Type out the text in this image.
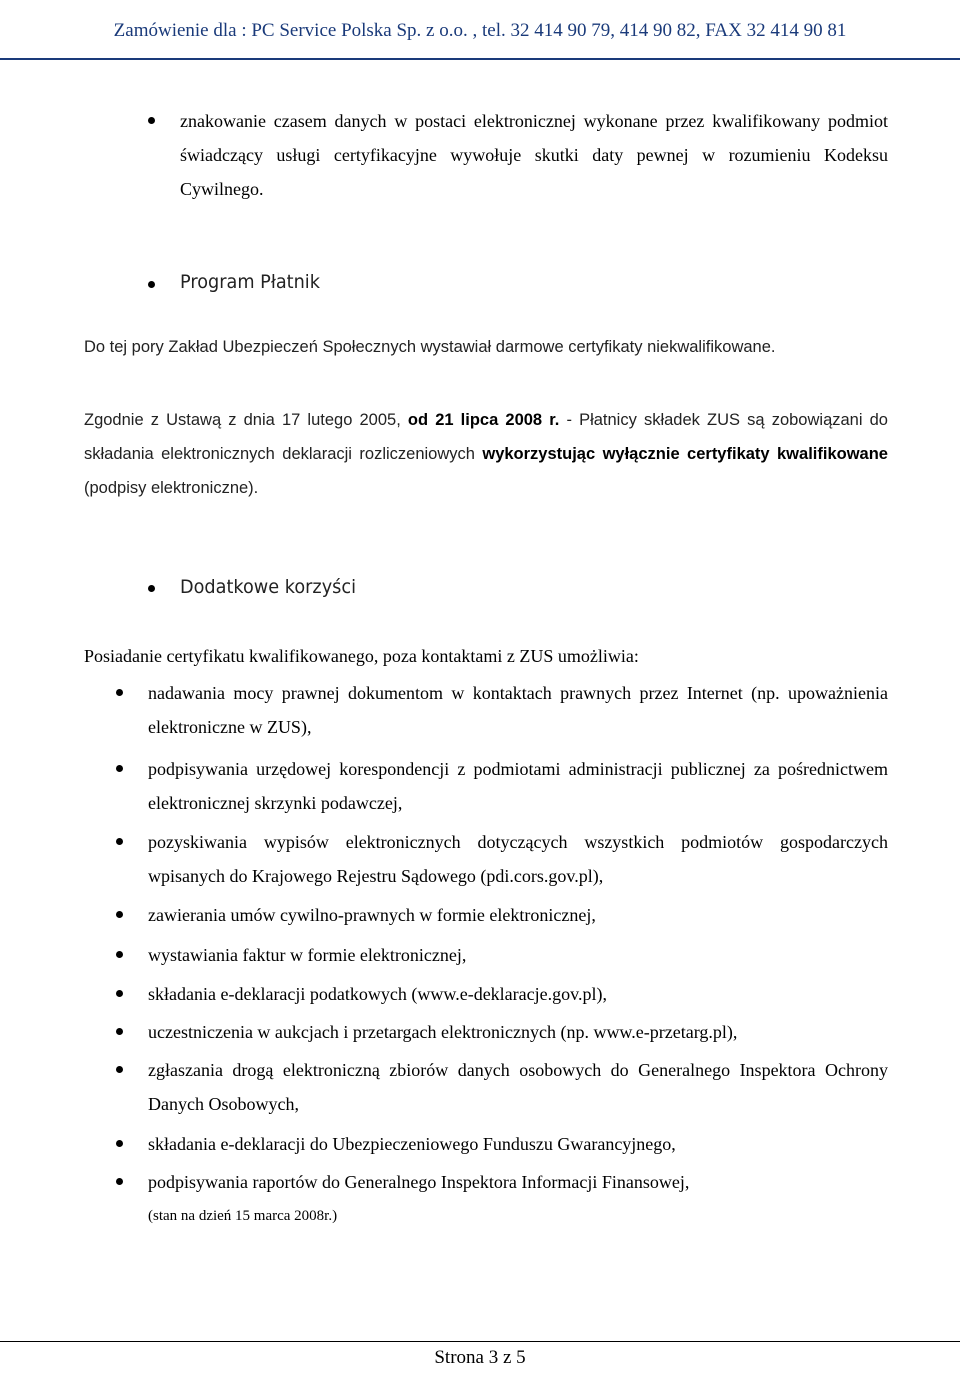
Zamówienie dla : PC Service Polska Sp. z o.o. , tel. 32 414 90 79, 414 90 82, FAX 32 414 90 81
znakowanie czasem danych w postaci elektronicznej wykonane przez kwalifikowany podmiot świadczący usługi certyfikacyjne wywołuje skutki daty pewnej w rozumieniu Kodeksu Cywilnego.
Program Płatnik
Do tej pory Zakład Ubezpieczeń Społecznych wystawiał darmowe certyfikaty niekwalifikowane.
Zgodnie z Ustawą z dnia 17 lutego 2005, od 21 lipca 2008 r. - Płatnicy składek ZUS są zobowiązani do składania elektronicznych deklaracji rozliczeniowych wykorzystując wyłącznie certyfikaty kwalifikowane (podpisy elektroniczne).
Dodatkowe korzyści
Posiadanie certyfikatu kwalifikowanego, poza kontaktami z ZUS umożliwia:
nadawania mocy prawnej dokumentom w kontaktach prawnych przez Internet (np. upoważnienia elektroniczne w ZUS),
podpisywania urzędowej korespondencji z podmiotami administracji publicznej za pośrednictwem elektronicznej skrzynki podawczej,
pozyskiwania wypisów elektronicznych dotyczących wszystkich podmiotów gospodarczych wpisanych do Krajowego Rejestru Sądowego (pdi.cors.gov.pl),
zawierania umów cywilno-prawnych w formie elektronicznej,
wystawiania faktur w formie elektronicznej,
składania e-deklaracji podatkowych (www.e-deklaracje.gov.pl),
uczestniczenia w aukcjach i przetargach elektronicznych (np. www.e-przetarg.pl),
zgłaszania drogą elektroniczną zbiorów danych osobowych do Generalnego Inspektora Ochrony Danych Osobowych,
składania e-deklaracji do Ubezpieczeniowego Funduszu Gwarancyjnego,
podpisywania raportów do Generalnego Inspektora Informacji Finansowej,
(stan na dzień 15 marca 2008r.)
Strona 3 z 5
